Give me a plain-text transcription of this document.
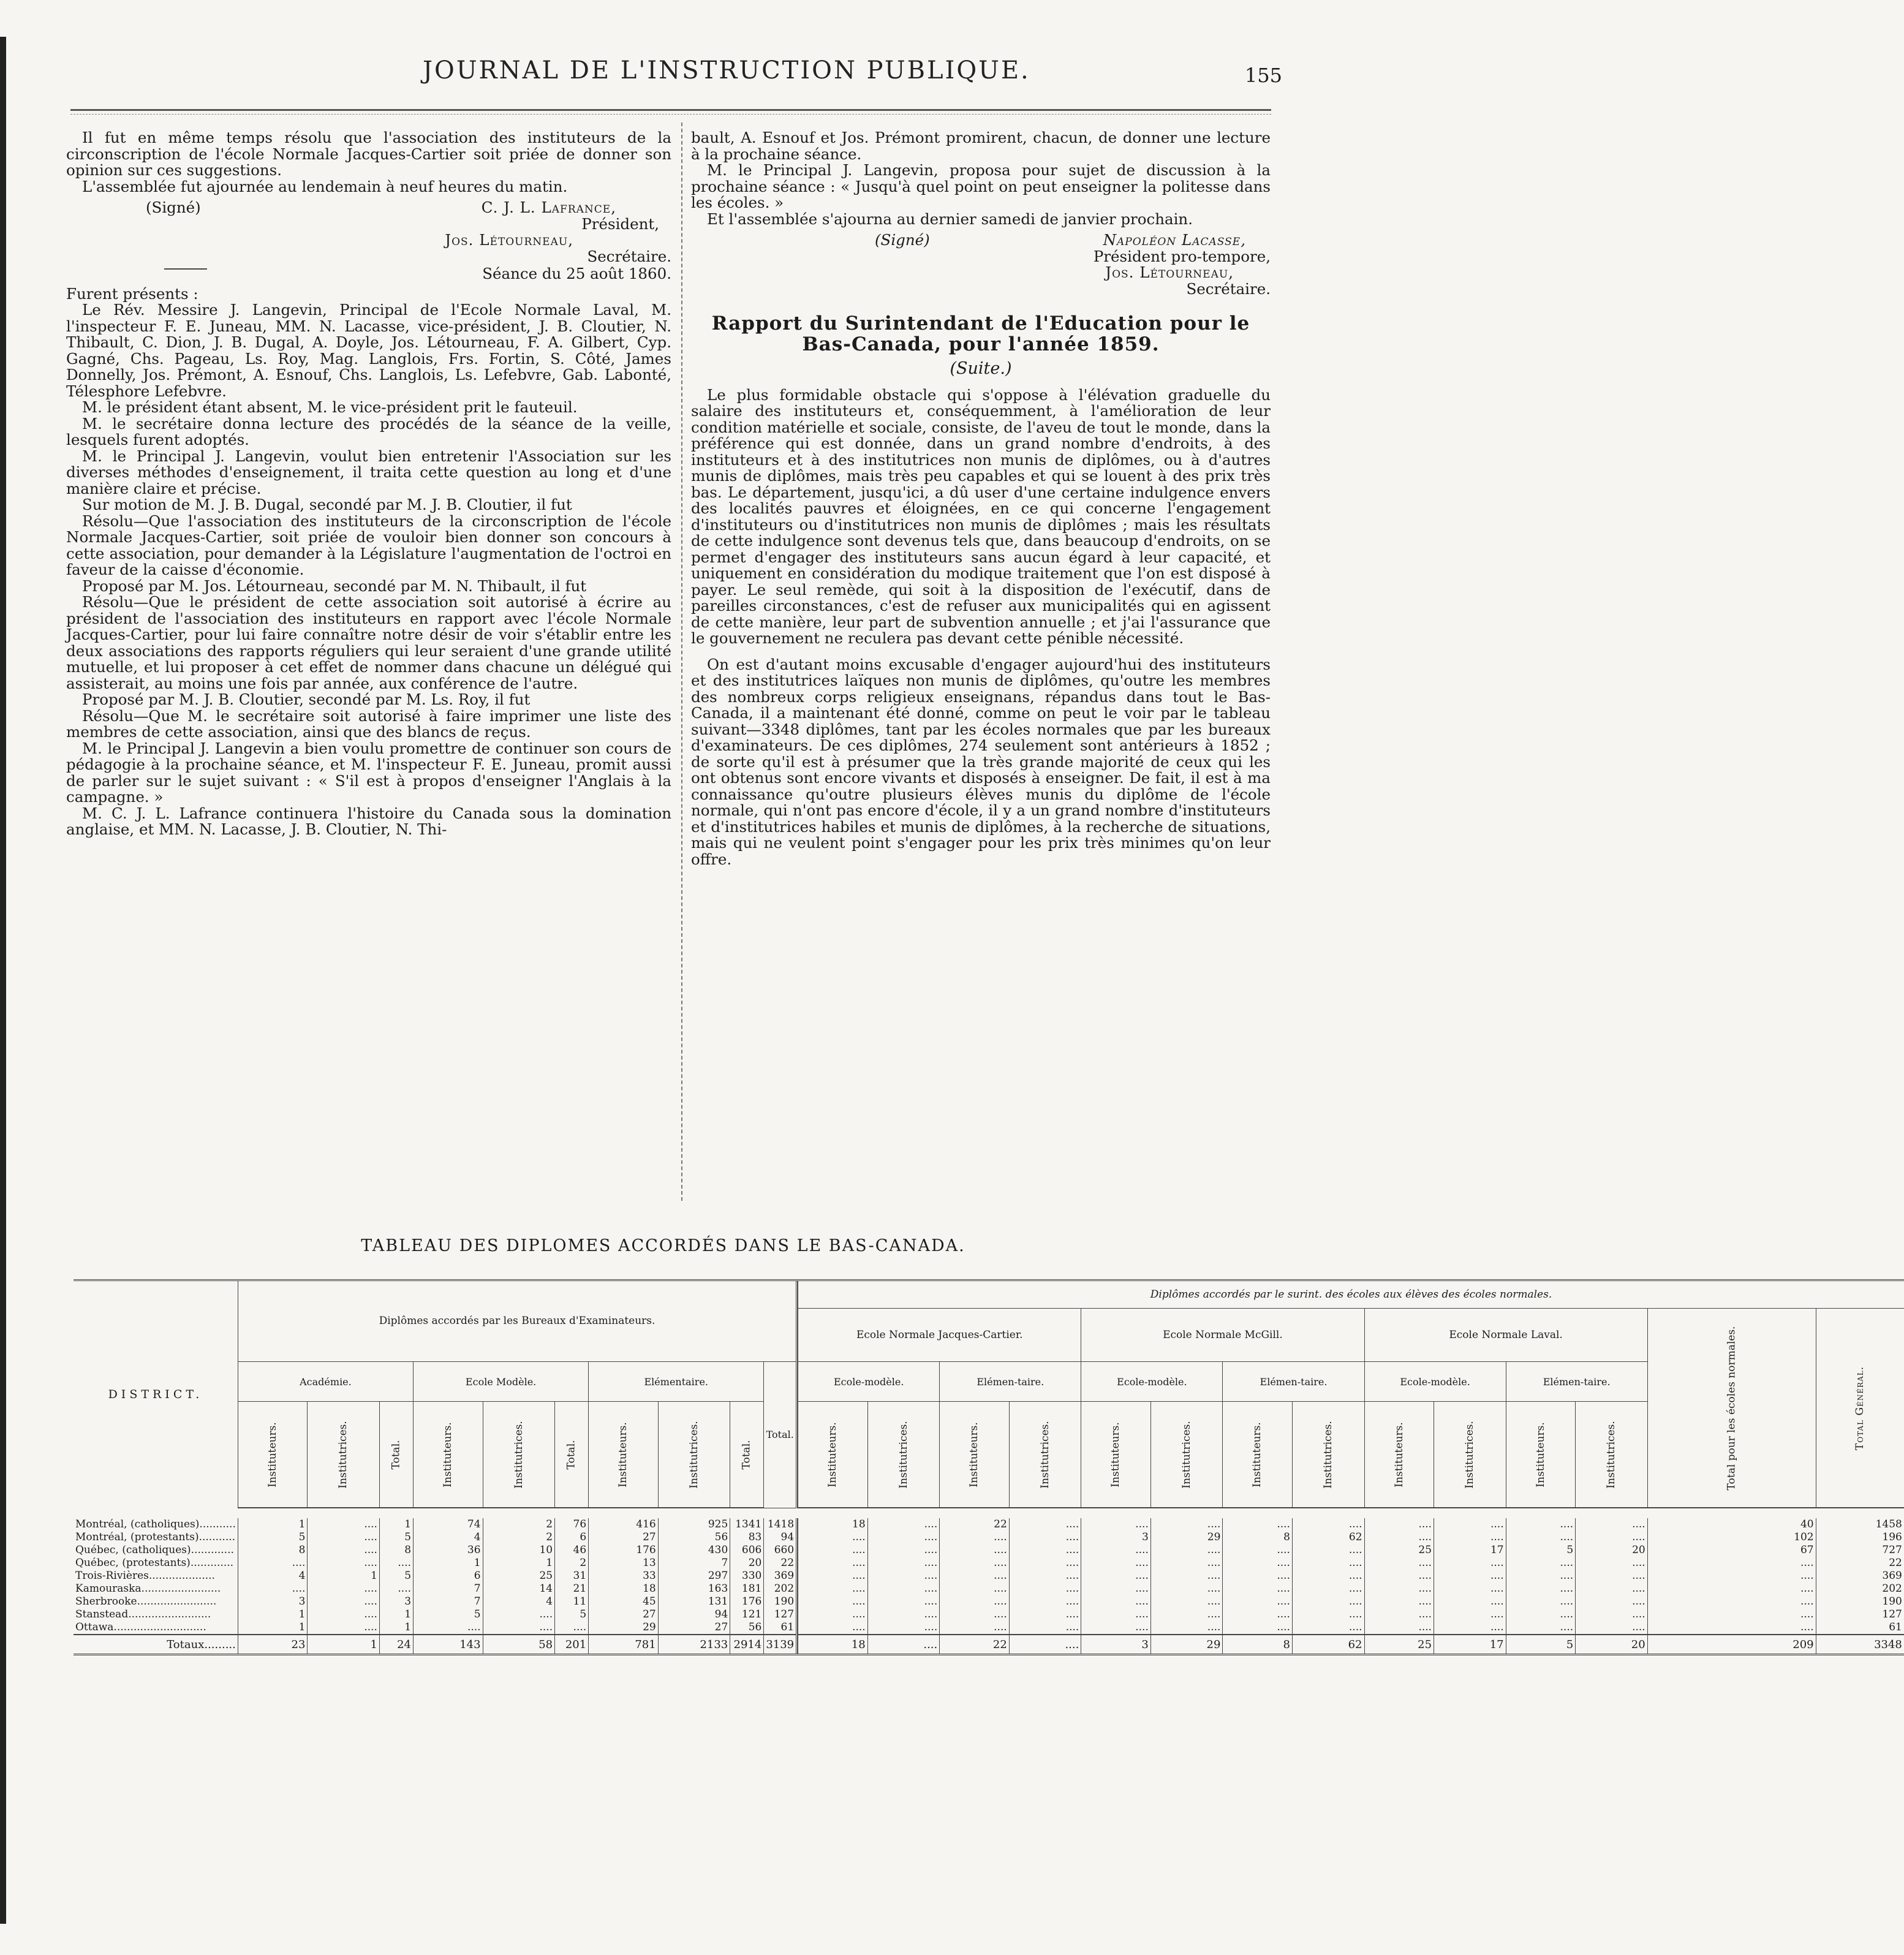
JOURNAL DE L'INSTRUCTION PUBLIQUE.	155

Il fut en même temps résolu que l'association des instituteurs de la circonscription de l'école Normale Jacques-Cartier soit priée de donner son opinion sur ces suggestions.

L'assemblée fut ajournée au lendemain à neuf heures du matin.

(Signé)	C. J. L. Lafrance,
Président,
Jos. Létourneau,
Secrétaire.

Séance du 25 août 1860.

Furent présents :

Le Rév. Messire J. Langevin, Principal de l'Ecole Normale Laval, M. l'inspecteur F. E. Juneau, MM. N. Lacasse, vice-président, J. B. Cloutier, N. Thibault, C. Dion, J. B. Dugal, A. Doyle, Jos. Létourneau, F. A. Gilbert, Cyp. Gagné, Chs. Pageau, Ls. Roy, Mag. Langlois, Frs. Fortin, S. Côté, James Donnelly, Jos. Prémont, A. Esnouf, Chs. Langlois, Ls. Lefebvre, Gab. Labonté, Télesphore Lefebvre.

M. le président étant absent, M. le vice-président prit le fauteuil.

M. le secrétaire donna lecture des procédés de la séance de la veille, lesquels furent adoptés.

M. le Principal J. Langevin, voulut bien entretenir l'Association sur les diverses méthodes d'enseignement, il traita cette question au long et d'une manière claire et précise.

Sur motion de M. J. B. Dugal, secondé par M. J. B. Cloutier, il fut

Résolu—Que l'association des instituteurs de la circonscription de l'école Normale Jacques-Cartier, soit priée de vouloir bien donner son concours à cette association, pour demander à la Législature l'augmentation de l'octroi en faveur de la caisse d'économie.

Proposé par M. Jos. Létourneau, secondé par M. N. Thibault, il fut

Résolu—Que le président de cette association soit autorisé à écrire au président de l'association des instituteurs en rapport avec l'école Normale Jacques-Cartier, pour lui faire connaître notre désir de voir s'établir entre les deux associations des rapports réguliers qui leur seraient d'une grande utilité mutuelle, et lui proposer à cet effet de nommer dans chacune un délégué qui assisterait, au moins une fois par année, aux conférence de l'autre.

Proposé par M. J. B. Cloutier, secondé par M. Ls. Roy, il fut

Résolu—Que M. le secrétaire soit autorisé à faire imprimer une liste des membres de cette association, ainsi que des blancs de reçus.

M. le Principal J. Langevin a bien voulu promettre de continuer son cours de pédagogie à la prochaine séance, et M. l'inspecteur F. E. Juneau, promit aussi de parler sur le sujet suivant : « S'il est à propos d'enseigner l'Anglais à la campagne. »

M. C. J. L. Lafrance continuera l'histoire du Canada sous la domination anglaise, et MM. N. Lacasse, J. B. Cloutier, N. Thi-

bault, A. Esnouf et Jos. Prémont promirent, chacun, de donner une lecture à la prochaine séance.

M. le Principal J. Langevin, proposa pour sujet de discussion à la prochaine séance : « Jusqu'à quel point on peut enseigner la politesse dans les écoles. »

Et l'assemblée s'ajourna au dernier samedi de janvier prochain.

(Signé)	Napoléon Lacasse,
Président pro-tempore,
Jos. Létourneau,
Secrétaire.
Rapport du Surintendant de l'Education pour le Bas-Canada, pour l'année 1859.
(Suite.)

Le plus formidable obstacle qui s'oppose à l'élévation graduelle du salaire des instituteurs et, conséquemment, à l'amélioration de leur condition matérielle et sociale, consiste, de l'aveu de tout le monde, dans la préférence qui est donnée, dans un grand nombre d'endroits, à des instituteurs et à des institutrices non munis de diplômes, ou à d'autres munis de diplômes, mais très peu capables et qui se louent à des prix très bas. Le département, jusqu'ici, a dû user d'une certaine indulgence envers des localités pauvres et éloignées, en ce qui concerne l'engagement d'instituteurs ou d'institutrices non munis de diplômes ; mais les résultats de cette indulgence sont devenus tels que, dans beaucoup d'endroits, on se permet d'engager des instituteurs sans aucun égard à leur capacité, et uniquement en considération du modique traitement que l'on est disposé à payer. Le seul remède, qui soit à la disposition de l'exécutif, dans de pareilles circonstances, c'est de refuser aux municipalités qui en agissent de cette manière, leur part de subvention annuelle ; et j'ai l'assurance que le gouvernement ne reculera pas devant cette pénible nécessité.

On est d'autant moins excusable d'engager aujourd'hui des instituteurs et des institutrices laïques non munis de diplômes, qu'outre les membres des nombreux corps religieux enseignans, répandus dans tout le Bas-Canada, il a maintenant été donné, comme on peut le voir par le tableau suivant—3348 diplômes, tant par les écoles normales que par les bureaux d'examinateurs. De ces diplômes, 274 seulement sont antérieurs à 1852 ; de sorte qu'il est à présumer que la très grande majorité de ceux qui les ont obtenus sont encore vivants et disposés à enseigner. De fait, il est à ma connaissance qu'outre plusieurs élèves munis du diplôme de l'école normale, qui n'ont pas encore d'école, il y a un grand nombre d'instituteurs et d'institutrices habiles et munis de diplômes, à la recherche de situations, mais qui ne veulent point s'engager pour les prix très minimes qu'on leur offre.

TABLEAU DES DIPLOMES ACCORDÉS DANS LE BAS-CANADA.
DISTRICT.	Diplômes accordés par les Bureaux d'Examinateurs.											Diplômes accordés par le surint. des écoles aux élèves des écoles normales.													
												Ecole Normale Jacques-Cartier.				Ecole Normale McGill.				Ecole Normale Laval.				Total pour les écoles normales.	Total Général.
	Académie.			Ecole Modèle.			Elémentaire.			Total.		Ecole-modèle.		Elémen-taire.		Ecole-modèle.		Elémen-taire.		Ecole-modèle.		Elémen-taire.			
	Instituteurs.	Institutrices.	Total.	Instituteurs.	Institutrices.	Total.	Instituteurs.	Institutrices.	Total.			Instituteurs.	Institutrices.	Instituteurs.	Institutrices.	Instituteurs.	Institutrices.	Instituteurs.	Institutrices.	Instituteurs.	Institutrices.	Instituteurs.	Institutrices.		

Montréal, (catholiques)...........	1	....	1	74	2	76	416	925	1341	1418		18	....	22	....	....	....	....	....	....	....	....	....	40	1458
Montréal, (protestants)...........	5	....	5	4	2	6	27	56	83	94		....	....	....	....	3	29	8	62	....	....	....	....	102	196
Québec, (catholiques).............	8	....	8	36	10	46	176	430	606	660		....	....	....	....	....	....	....	....	25	17	5	20	67	727
Québec, (protestants).............	....	....	....	1	1	2	13	7	20	22		....	....	....	....	....	....	....	....	....	....	....	....	....	22
Trois-Rivières....................	4	1	5	6	25	31	33	297	330	369		....	....	....	....	....	....	....	....	....	....	....	....	....	369
Kamouraska........................	....	....	....	7	14	21	18	163	181	202		....	....	....	....	....	....	....	....	....	....	....	....	....	202
Sherbrooke........................	3	....	3	7	4	11	45	131	176	190		....	....	....	....	....	....	....	....	....	....	....	....	....	190
Stanstead.........................	1	....	1	5	....	5	27	94	121	127		....	....	....	....	....	....	....	....	....	....	....	....	....	127
Ottawa............................	1	....	1	....	....	....	29	27	56	61		....	....	....	....	....	....	....	....	....	....	....	....	....	61
Totaux.........	23	1	24	143	58	201	781	2133	2914	3139		18	....	22	....	3	29	8	62	25	17	5	20	209	3348
